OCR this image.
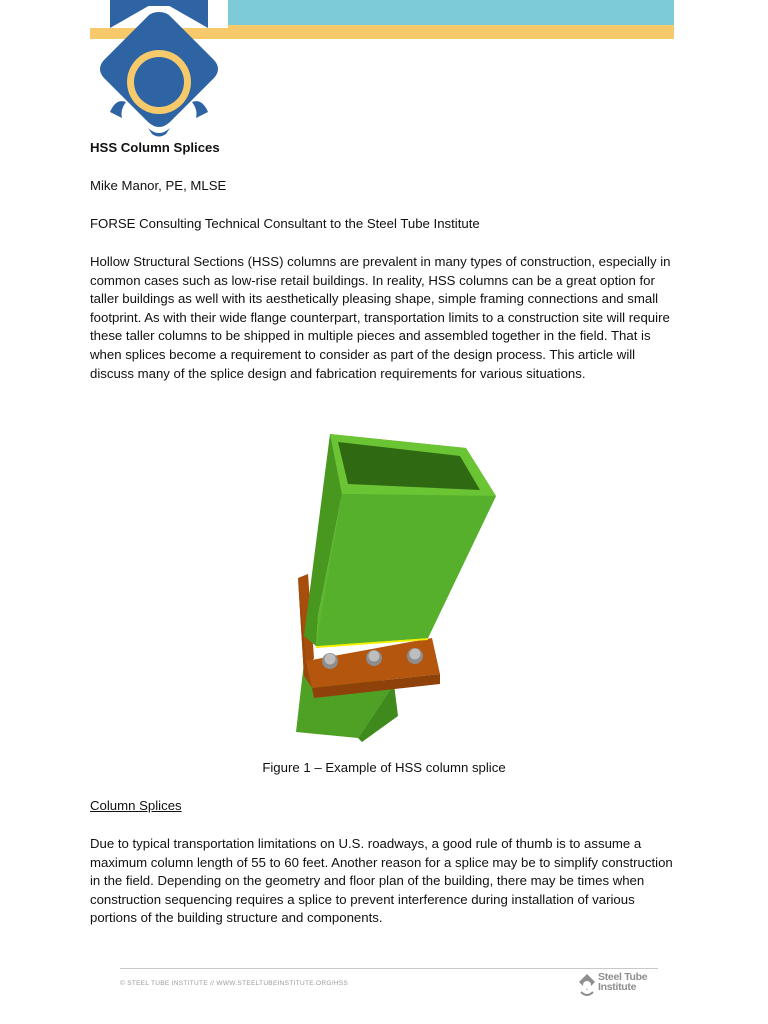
HSS Column Splices
Mike Manor, PE, MLSE
FORSE Consulting Technical Consultant to the Steel Tube Institute
Hollow Structural Sections (HSS) columns are prevalent in many types of construction, especially in common cases such as low-rise retail buildings. In reality, HSS columns can be a great option for taller buildings as well with its aesthetically pleasing shape, simple framing connections and small footprint. As with their wide flange counterpart, transportation limits to a construction site will require these taller columns to be shipped in multiple pieces and assembled together in the field. That is when splices become a requirement to consider as part of the design process. This article will discuss many of the splice design and fabrication requirements for various situations.
Figure 1 – Example of HSS column splice
Column Splices
Due to typical transportation limitations on U.S. roadways, a good rule of thumb is to assume a maximum column length of 55 to 60 feet. Another reason for a splice may be to simplify construction in the field. Depending on the geometry and floor plan of the building, there may be times when construction sequencing requires a splice to prevent interference during installation of various portions of the building structure and components.
© STEEL TUBE INSTITUTE // WWW.STEELTUBEINSTITUTE.ORG/HSS
Steel Tube
Institute
